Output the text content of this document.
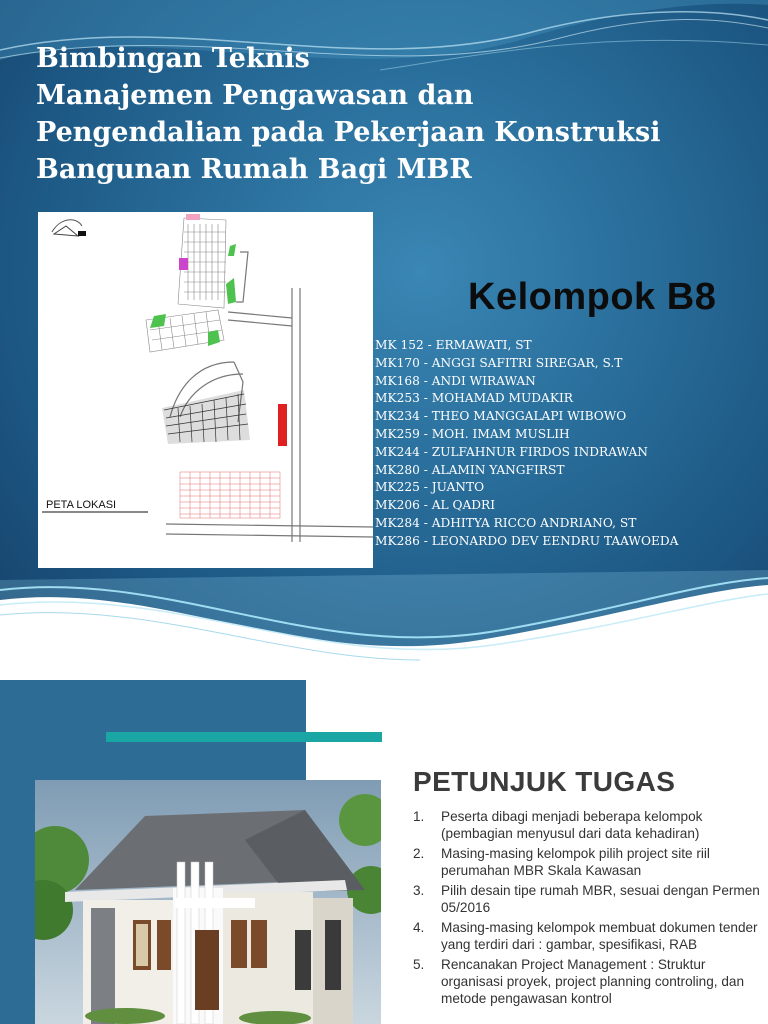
Bimbingan Teknis
Manajemen Pengawasan dan
Pengendalian pada Pekerjaan Konstruksi
Bangunan Rumah Bagi MBR
PETA LOKASI
Kelompok B8
MK 152 - ERMAWATI, ST
MK170 - ANGGI SAFITRI SIREGAR, S.T
MK168 - ANDI WIRAWAN
MK253 - MOHAMAD MUDAKIR
MK234 - THEO MANGGALAPI WIBOWO
MK259 - MOH. IMAM MUSLIH
MK244 - ZULFAHNUR FIRDOS INDRAWAN
MK280 - ALAMIN YANGFIRST
MK225 - JUANTO
MK206 - AL QADRI
MK284 - ADHITYA RICCO ANDRIANO, ST
MK286 - LEONARDO DEV EENDRU TAAWOEDA
PETUNJUK TUGAS
1. Peserta dibagi menjadi beberapa kelompok (pembagian menyusul dari data kehadiran)
2. Masing-masing kelompok pilih project site riil perumahan MBR Skala Kawasan
3. Pilih desain tipe rumah MBR, sesuai dengan Permen 05/2016
4. Masing-masing kelompok membuat dokumen tender yang terdiri dari : gambar, spesifikasi, RAB
5. Rencanakan Project Management : Struktur organisasi proyek, project planning controling, dan metode pengawasan kontrol
